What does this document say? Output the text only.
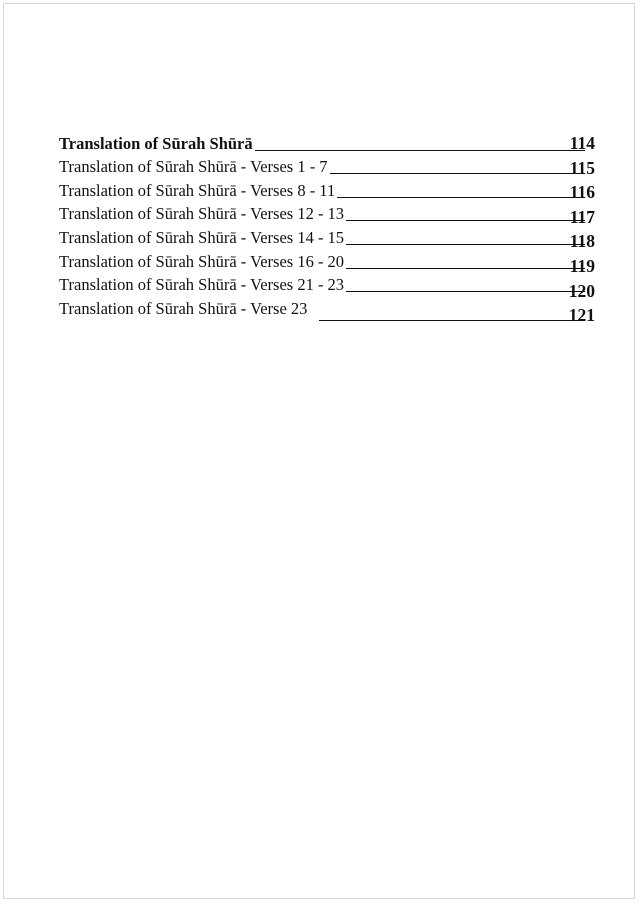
Translation of Sūrah Shūrā	114
Translation of Sūrah Shūrā - Verses 1 - 7	115
Translation of Sūrah Shūrā - Verses 8 - 11	116
Translation of Sūrah Shūrā - Verses 12 - 13	117
Translation of Sūrah Shūrā - Verses 14 - 15	118
Translation of Sūrah Shūrā - Verses 16 - 20	119
Translation of Sūrah Shūrā - Verses 21 - 23	120
Translation of Sūrah Shūrā - Verse 23	121
